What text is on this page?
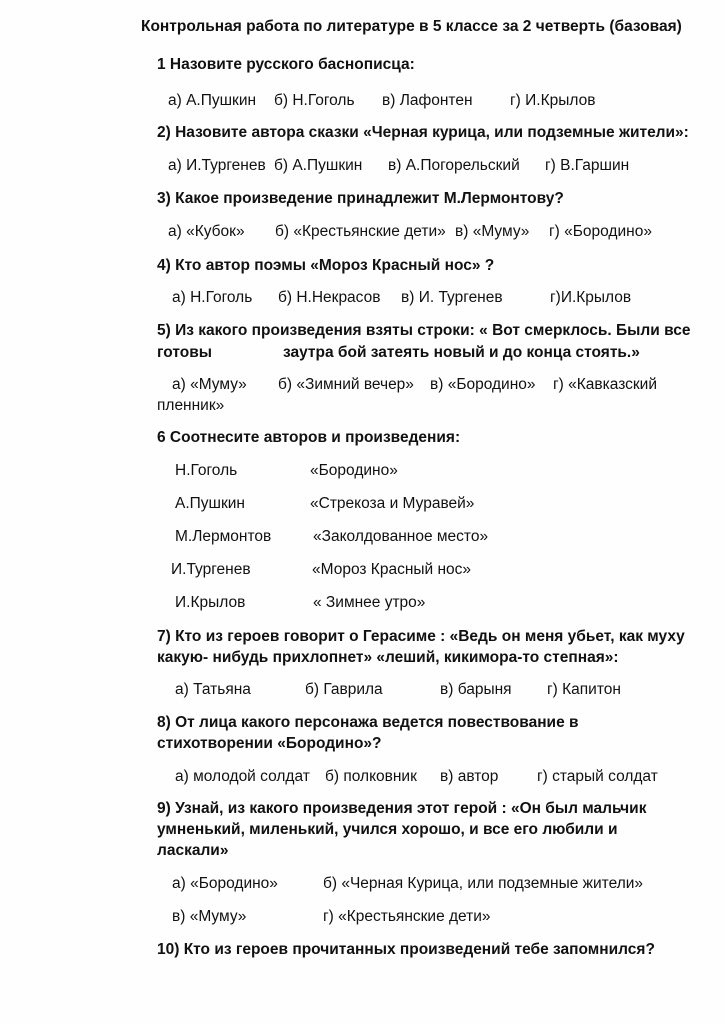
Контрольная работа по литературе в 5 классе за 2 четверть (базовая)
1 Назовите русского баснописца:
а) А.Пушкин б) Н.Гоголь в) Лафонтен г) И.Крылов
2) Назовите автора сказки «Черная курица, или подземные жители»:
а) И.Тургенев б) А.Пушкин в) А.Погорельский г) В.Гаршин
3) Какое произведение принадлежит М.Лермонтову?
а) «Кубок» б) «Крестьянские дети» в) «Муму» г) «Бородино»
4) Кто автор поэмы «Мороз Красный нос» ?
а) Н.Гоголь б) Н.Некрасов в) И. Тургенев	г)И.Крылов
5) Из какого произведения взяты строки: « Вот смерклось. Были все
готовы	заутра бой затеять новый и до конца стоять.»
а) «Муму» б) «Зимний вечер» в) «Бородино» г) «Кавказский
пленник»
6 Соотнесите авторов и произведения:
Н.Гоголь	«Бородино»
А.Пушкин	«Стрекоза и Муравей»
М.Лермонтов	«Заколдованное место»
И.Тургенев	«Мороз Красный нос»
И.Крылов	« Зимнее утро»
7) Кто из героев говорит о Герасиме : «Ведь он меня убьет, как муху
какую- нибудь прихлопнет» «леший, кикимора-то степная»:
а) Татьяна	б) Гаврила	в) барыня г) Капитон
8) От лица какого персонажа ведется повествование в
стихотворении «Бородино»?
а) молодой солдат б) полковник в) автор г) старый солдат
9) Узнай, из какого произведения этот герой : «Он был мальчик
умненький, миленький, учился хорошо, и все его любили и
ласкали»
а) «Бородино»	б) «Черная Курица, или подземные жители»
в) «Муму»	г) «Крестьянские дети»
10) Кто из героев прочитанных произведений тебе запомнился?
